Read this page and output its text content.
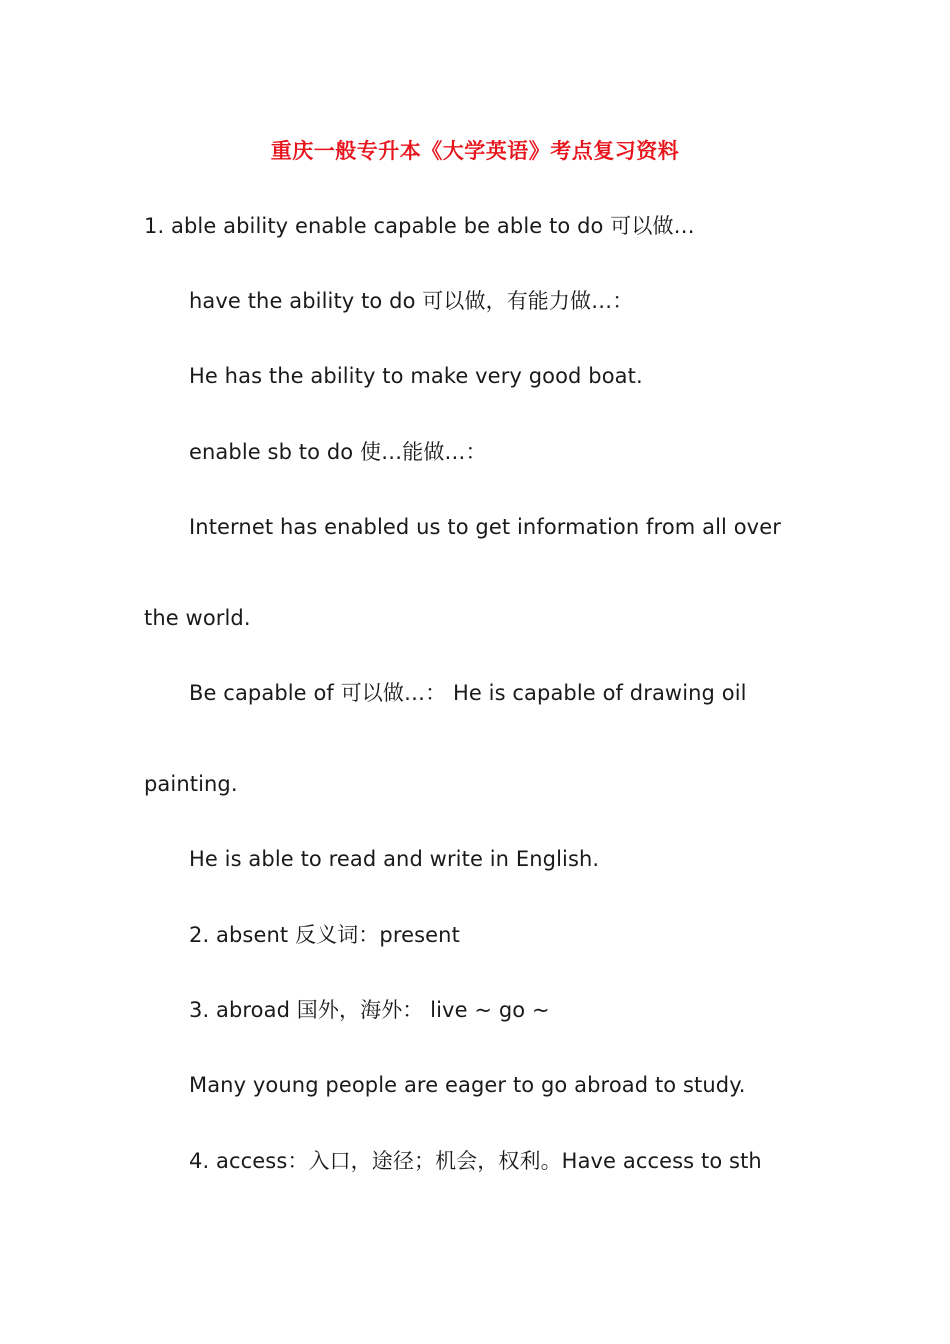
重庆一般专升本《大学英语》考点复习资料
1. able ability enable capable be able to do 可以做…
have the ability to do 可以做，有能力做…：
He has the ability to make very good boat.
enable sb to do 使…能做…：
Internet has enabled us to get information from all over
the world.
Be capable of 可以做…： He is capable of drawing oil
painting.
He is able to read and write in English.
2. absent 反义词：present
3. abroad 国外，海外： live ~ go ~
Many young people are eager to go abroad to study.
4. access：入口，途径；机会，权利。Have access to sth
